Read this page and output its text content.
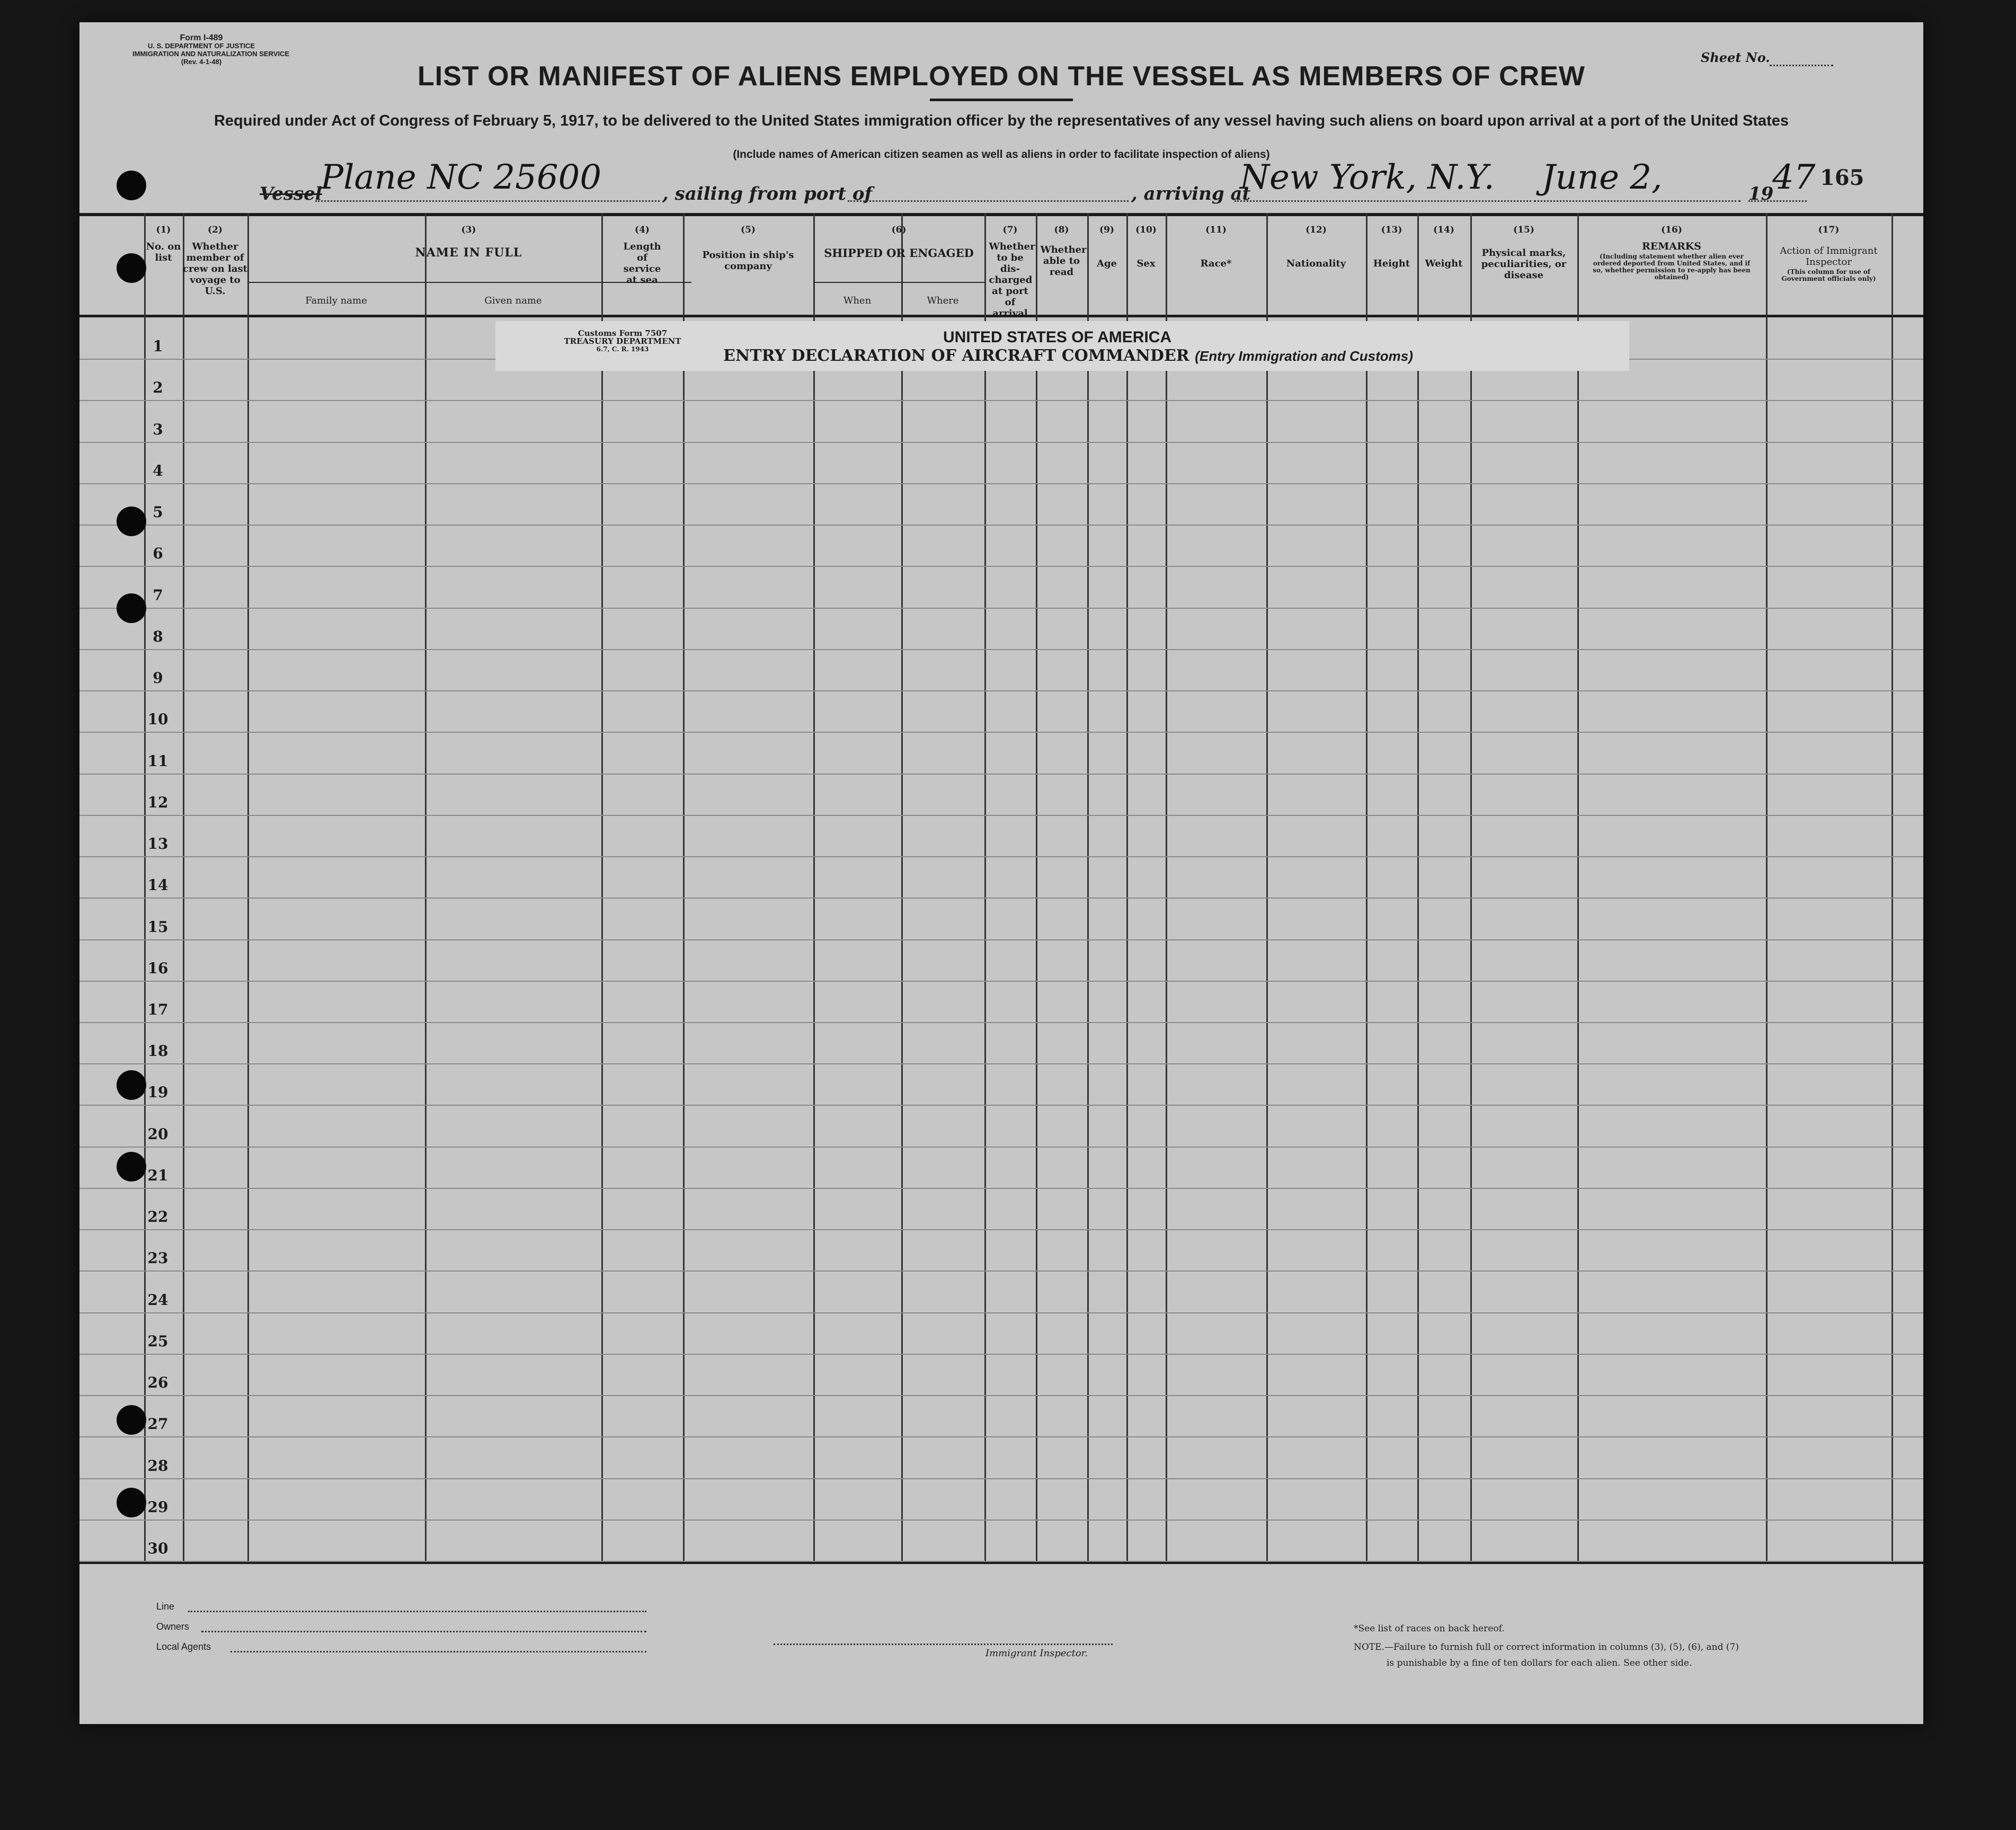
Form I-489
U. S. DEPARTMENT OF JUSTICE
IMMIGRATION AND NATURALIZATION SERVICE
(Rev. 4-1-48)	Sheet No.
LIST OR MANIFEST OF ALIENS EMPLOYED ON THE VESSEL AS MEMBERS OF CREW
Required under Act of Congress of February 5, 1917, to be delivered to the United States immigration officer by the representatives of any vessel having such aliens on board upon arrival at a port of the United States
(Include names of American citizen seamen as well as aliens in order to facilitate inspection of aliens)
Vessel
Plane NC 25600	, sailing from port of	, arriving at
New York, N.Y. June 2,	19
47 165
(1)
No. on list
(2)
Whether member of crew on last voyage to U.S.
(3)
NAME IN FULL
Family name	Given name
(4)
Length of service at sea
(5)
Position in ship's company
(6)
SHIPPED OR ENGAGED
When	Where
(7)
Whether to be dis-charged at port of arrival
(8)
Whether able to read
(9)
Age
(10)
Sex
(11)
Race*
(12)
Nationality
(13)
Height
(14)
Weight
(15)
Physical marks, peculiarities, or disease
(16)
REMARKS
(Including statement whether alien ever ordered deported from United States, and if so, whether permission to re-apply has been obtained)
(17)
Action of Immigrant Inspector
(This column for use of Government officials only)
1
2
3
4
5
6
7
8
9
10
11
12
13
14
15
16
17
18
19
20
21
22
23
24
25
26
27
28
29
30
Customs Form 7507
TREASURY DEPARTMENT
6.7, C. R. 1943
UNITED STATES OF AMERICA
ENTRY DECLARATION OF AIRCRAFT COMMANDER (Entry Immigration and Customs)
Line
Owners
Local Agents
Immigrant Inspector.
*See list of races on back hereof.
NOTE.—Failure to furnish full or correct information in columns (3), (5), (6), and (7)
is punishable by a fine of ten dollars for each alien. See other side.
